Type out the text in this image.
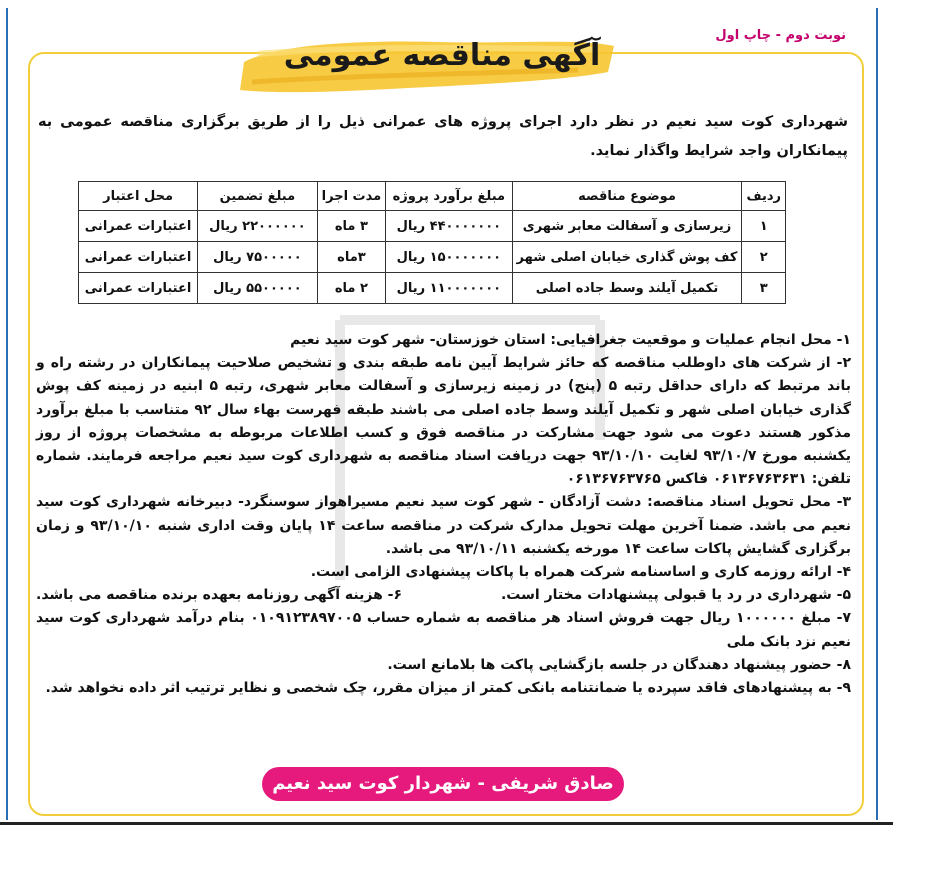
نوبت دوم - چاپ اول
آگهی مناقصه عمومی
شهرداری کوت سید نعیم در نظر دارد اجرای پروژه های عمرانی ذیل را از طریق برگزاری مناقصه عمومی به پیمانکاران واجد شرایط واگذار نماید.
ردیف	موضوع مناقصه	مبلغ برآورد پروژه	مدت اجرا	مبلغ تضمین	محل اعتبار
۱	زیرسازی و آسفالت معابر شهری	۴۴۰۰۰۰۰۰۰ ریال	۳ ماه	۲۲۰۰۰۰۰۰ ریال	اعتبارات عمرانی
۲	کف پوش گذاری خیابان اصلی شهر	۱۵۰۰۰۰۰۰۰ ریال	۳ماه	۷۵۰۰۰۰۰ ریال	اعتبارات عمرانی
۳	تکمیل آیلند وسط جاده اصلی	۱۱۰۰۰۰۰۰۰ ریال	۲ ماه	۵۵۰۰۰۰۰ ریال	اعتبارات عمرانی

۱- محل انجام عملیات و موقعیت جغرافیایی: استان خوزستان- شهر کوت سید نعیم

۲- از شرکت های داوطلب مناقصه که حائز شرایط آیین نامه طبقه بندی و تشخیص صلاحیت پیمانکاران در رشته راه و باند مرتبط که دارای حداقل رتبه ۵ (پنج) در زمینه زیرسازی و آسفالت معابر شهری، رتبه ۵ ابنیه در زمینه کف پوش گذاری خیابان اصلی شهر و تکمیل آیلند وسط جاده اصلی می باشند طبقه فهرست بهاء سال ۹۲ متناسب با مبلغ برآورد مذکور هستند دعوت می شود جهت مشارکت در مناقصه فوق و کسب اطلاعات مربوطه به مشخصات پروژه از روز یکشنبه مورخ ۹۳/۱۰/۷ لغایت ۹۳/۱۰/۱۰ جهت دریافت اسناد مناقصه به شهرداری کوت سید نعیم مراجعه فرمایند. شماره تلفن: ۰۶۱۳۶۷۶۳۶۳۱ فاکس ۰۶۱۳۶۷۶۳۷۶۵

۳- محل تحویل اسناد مناقصه: دشت آزادگان - شهر کوت سید نعیم مسیراهواز سوسنگرد- دبیرخانه شهرداری کوت سید نعیم می باشد. ضمنا آخرین مهلت تحویل مدارک شرکت در مناقصه ساعت ۱۴ پایان وقت اداری شنبه ۹۳/۱۰/۱۰ و زمان برگزاری گشایش پاکات ساعت ۱۴ مورخه یکشنبه ۹۳/۱۰/۱۱ می باشد.

۴- ارائه روزمه کاری و اساسنامه شرکت همراه با پاکات پیشنهادی الزامی است.

۵- شهرداری در رد یا قبولی پیشنهادات مختار است.
۶- هزینه آگهی روزنامه بعهده برنده مناقصه می باشد.

۷- مبلغ ۱۰۰۰۰۰۰ ریال جهت فروش اسناد هر مناقصه به شماره حساب ۰۱۰۹۱۲۳۸۹۷۰۰۵ بنام درآمد شهرداری کوت سید نعیم نزد بانک ملی

۸- حضور پیشنهاد دهندگان در جلسه بازگشایی پاکت ها بلامانع است.

۹- به پیشنهادهای فاقد سپرده یا ضمانتنامه بانکی کمتر از میزان مقرر، چک شخصی و نظایر ترتیب اثر داده نخواهد شد.

صادق شریفی - شهردار کوت سید نعیم
